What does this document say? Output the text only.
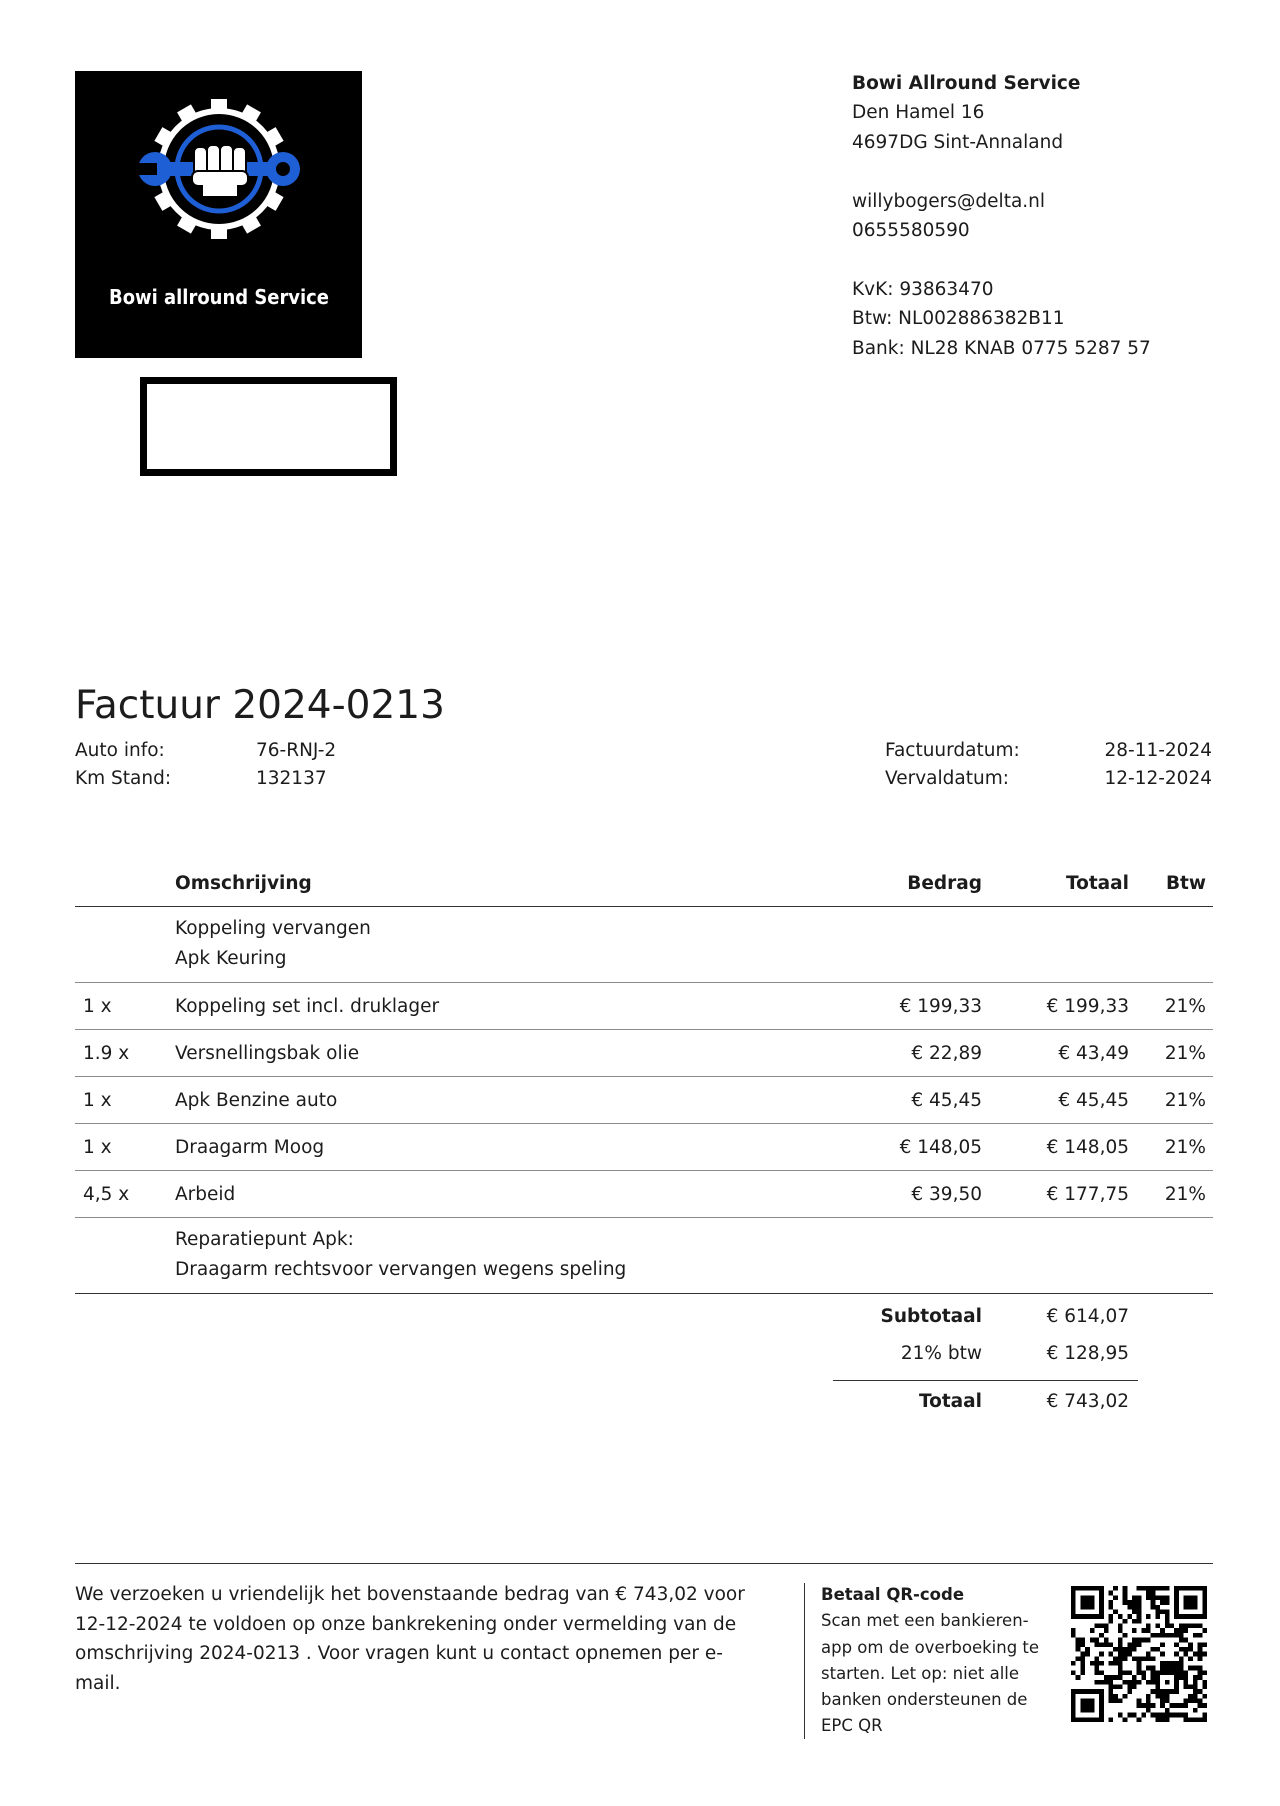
Bowi allround Service
Bowi Allround Service
Den Hamel 16
4697DG Sint-Annaland
willybogers@delta.nl
0655580590
KvK: 93863470
Btw: NL002886382B11
Bank: NL28 KNAB 0775 5287 57
Factuur 2024-0213
Auto info:	76-RNJ-2
Km Stand:	132137
Factuurdatum:	28-11-2024
Vervaldatum:	12-12-2024
	Omschrijving	Bedrag	Totaal	Btw

	Koppeling vervangen
Apk Keuring			

1 x	Koppeling set incl. druklager	€ 199,33	€ 199,33	21%
1.9 x	Versnellingsbak olie	€ 22,89	€ 43,49	21%
1 x	Apk Benzine auto	€ 45,45	€ 45,45	21%
1 x	Draagarm Moog	€ 148,05	€ 148,05	21%
4,5 x	Arbeid	€ 39,50	€ 177,75	21%

	Reparatiepunt Apk:
Draagarm rechtsvoor vervangen wegens speling			
Subtotaal	€ 614,07
21% btw	€ 128,95
Totaal	€ 743,02
We verzoeken u vriendelijk het bovenstaande bedrag van € 743,02 voor
12-12-2024 te voldoen op onze bankrekening onder vermelding van de
omschrijving 2024-0213 . Voor vragen kunt u contact opnemen per e-
mail.
Betaal QR-code
Scan met een bankieren-
app om de overboeking te
starten. Let op: niet alle
banken ondersteunen de
EPC QR
